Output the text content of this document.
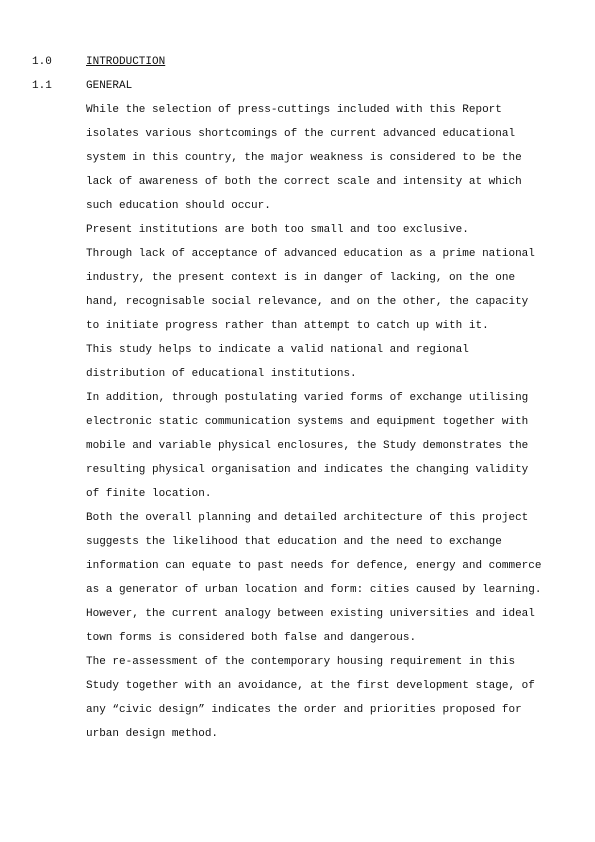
1.0	INTRODUCTION
1.1	GENERAL
While the selection of press-cuttings included with this Report
isolates various shortcomings of the current advanced educational
system in this country, the major weakness is considered to be the
lack of awareness of both the correct scale and intensity at which
such education should occur.
Present institutions are both too small and too exclusive.
Through lack of acceptance of advanced education as a prime national
industry, the present context is in danger of lacking, on the one
hand, recognisable social relevance, and on the other, the capacity
to initiate progress rather than attempt to catch up with it.
This study helps to indicate a valid national and regional
distribution of educational institutions.
In addition, through postulating varied forms of exchange utilising
electronic static communication systems and equipment together with
mobile and variable physical enclosures, the Study demonstrates the
resulting physical organisation and indicates the changing validity
of finite location.
Both the overall planning and detailed architecture of this project
suggests the likelihood that education and the need to exchange
information can equate to past needs for defence, energy and commerce
as a generator of urban location and form: cities caused by learning.
However, the current analogy between existing universities and ideal
town forms is considered both false and dangerous.
The re-assessment of the contemporary housing requirement in this
Study together with an avoidance, at the first development stage, of
any “civic design” indicates the order and priorities proposed for
urban design method.
